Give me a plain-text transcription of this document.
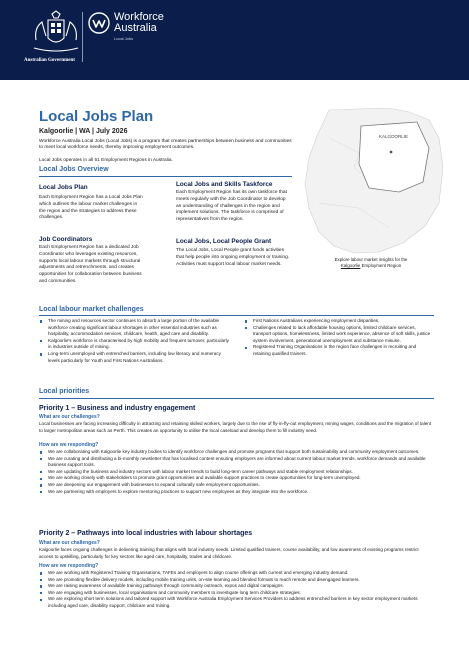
Australian Government
Workforce
Australia
Local Jobs
Local Jobs Plan
Kalgoorlie | WA | July 2026
Workforce Australia Local Jobs (Local Jobs) is a program that creates partnerships between business and communities to meet local workforce needs, thereby improving employment outcomes.
Local Jobs operates in all 51 Employment Regions in Australia.
Local Jobs Overview
Local Jobs Plan
Each Employment Region has a Local Jobs Plan which outlines the labour market challenges in the region and the strategies to address these challenges.
Job Coordinators
Each Employment Region has a dedicated Job Coordinator who leverages existing resources, supports local labour markets through structural adjustments and retrenchments, and creates opportunities for collaboration between business and communities.
Local Jobs and Skills Taskforce
Each Employment Region has its own taskforce that meets regularly with the Job Coordinator to develop an understanding of challenges in the region and implement solutions. The taskforce is comprised of representatives from the region.
Local Jobs, Local People Grant
The Local Jobs, Local People grant funds activities that help people into ongoing employment or training. Activities must support local labour market needs.
KALGOORLIE
Explore labour market insights for the
Kalgoorlie Employment Region
Local labour market challenges
The mining and resources sector continues to absorb a large portion of the available workforce creating significant labour shortages in other essential industries such as hospitality, accommodation services, childcare, health, aged care and disability.
Kalgoorlie's workforce is characterised by high mobility and frequent turnover, particularly in industries outside of mining.
Long-term unemployed with entrenched barriers, including low literacy and numeracy levels particularly for Youth and First Nations Australians.
First Nations Australians experiencing employment disparities.
Challenges related to lack affordable housing options, limited childcare services, transport options, homelessness, limited work experience, absence of soft skills, justice system involvement, generational unemployment and substance misuse.
Registered Training Organisations in the region face challenges in recruiting and retaining qualified trainers.
Local priorities
Priority 1 – Business and industry engagement
What are our challenges?
Local businesses are facing increasing difficulty in attracting and retaining skilled workers, largely due to the rise of fly-in-fly-out employment, mining wages, conditions and the migration of talent to larger metropolitan areas such as Perth. This creates an opportunity to utilise the local caseload and develop them to fill industry need.
How are we responding?
We are collaborating with Kalgoorlie key industry bodies to identify workforce challenges and promote programs that support both sustainability and community employment outcomes.
We are curating and distributing a bi-monthly newsletter that has localised content ensuring employers are informed about current labour market trends, workforce demands and available business support tools.
We are updating the business and industry sectors with labour market trends to build long-term career pathways and stable employment relationships.
We are working closely with stakeholders to promote grant opportunities and available support practices to create opportunities for long-term unemployed.
We are deepening our engagement with businesses to expand culturally safe employment opportunities.
We are partnering with employers to explore mentoring practices to support new employees as they integrate into the workforce.
Priority 2 – Pathways into local industries with labour shortages
What are our challenges?
Kalgoorlie faces ongoing challenges in delivering training that aligns with local industry needs. Limited qualified trainers, course availability, and low awareness of existing programs restrict access to upskilling, particularly for key sectors like aged care, hospitality, trades and childcare.
How are we responding?
We are working with Registered Training Organisations, TAFEs and employers to align course offerings with current and emerging industry demand.
We are promoting flexible delivery models, including mobile training units, on-site learning and blended formats to reach remote and disengaged learners.
We are raising awareness of available training pathways through community outreach, expos and digital campaigns.
We are engaging with businesses, local organisations and community members to investigate long term childcare strategies.
We are exploring short term solutions and tailored support with Workforce Australia Employment Services Providers to address entrenched barriers in key sector employment markets including aged care, disability support, childcare and mining.
